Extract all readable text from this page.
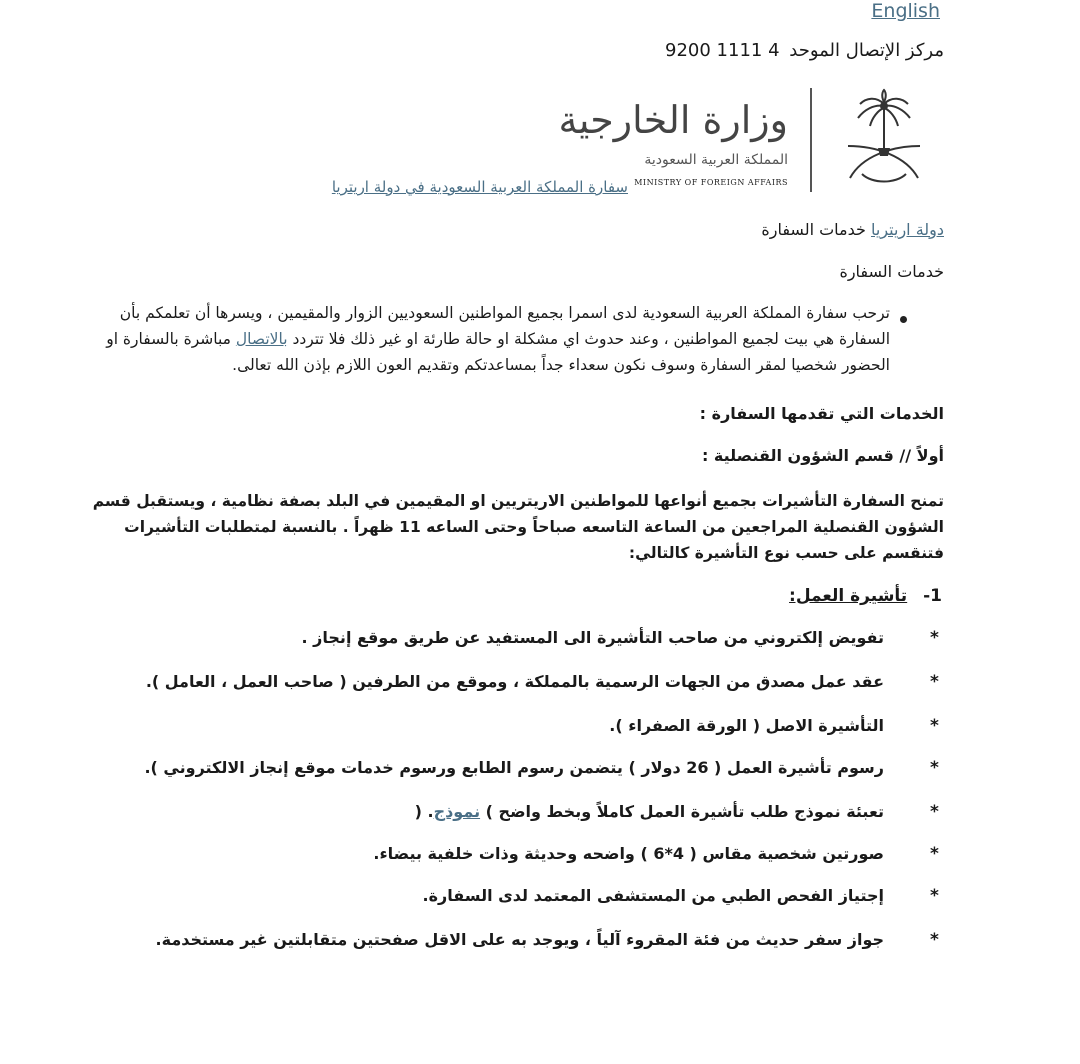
English
مركز الإتصال الموحد 9200 1111 4
وزارة الخارجية
المملكة العربية السعودية
MINISTRY OF FOREIGN AFFAIRS
سفارة المملكة العربية السعودية في دولة اريتريا
دولة اريتريا خدمات السفارة
خدمات السفارة
ترحب سفارة المملكة العربية السعودية لدى اسمرا بجميع المواطنين السعوديين الزوار والمقيمين ، ويسرها أن تعلمكم بأن السفارة هي بيت لجميع المواطنين ، وعند حدوث اي مشكلة او حالة طارئة او غير ذلك فلا تتردد بالاتصال مباشرة بالسفارة او الحضور شخصيا لمقر السفارة وسوف نكون سعداء جداً بمساعدتكم وتقديم العون اللازم بإذن الله تعالى.
الخدمات التي تقدمها السفارة :
أولاً // قسم الشؤون القنصلية :
تمنح السفارة التأشيرات بجميع أنواعها للمواطنين الاريتريين او المقيمين في البلد بصفة نظامية ، ويستقبل قسم الشؤون القنصلية المراجعين من الساعة التاسعه صباحاً وحتى الساعه 11 ظهراً . بالنسبة لمتطلبات التأشيرات فتنقسم على حسب نوع التأشيرة كالتالي:
-1 تأشيرة العمل:
*
تفويض إلكتروني من صاحب التأشيرة الى المستفيد عن طريق موقع إنجاز .
*
عقد عمل مصدق من الجهات الرسمية بالمملكة ، وموقع من الطرفين ( صاحب العمل ، العامل ).
*
التأشيرة الاصل ( الورقة الصفراء ).
*
رسوم تأشيرة العمل ( 26 دولار ) يتضمن رسوم الطابع ورسوم خدمات موقع إنجاز الالكتروني ).
*
تعبئة نموذج طلب تأشيرة العمل كاملاً وبخط واضح ) نموذج. (
*
صورتين شخصية مقاس ( 4*6 ) واضحه وحديثة وذات خلفية بيضاء.
*
إجتياز الفحص الطبي من المستشفى المعتمد لدى السفارة.
*
جواز سفر حديث من فئة المقروء آلياً ، ويوجد به على الاقل صفحتين متقابلتين غير مستخدمة.
